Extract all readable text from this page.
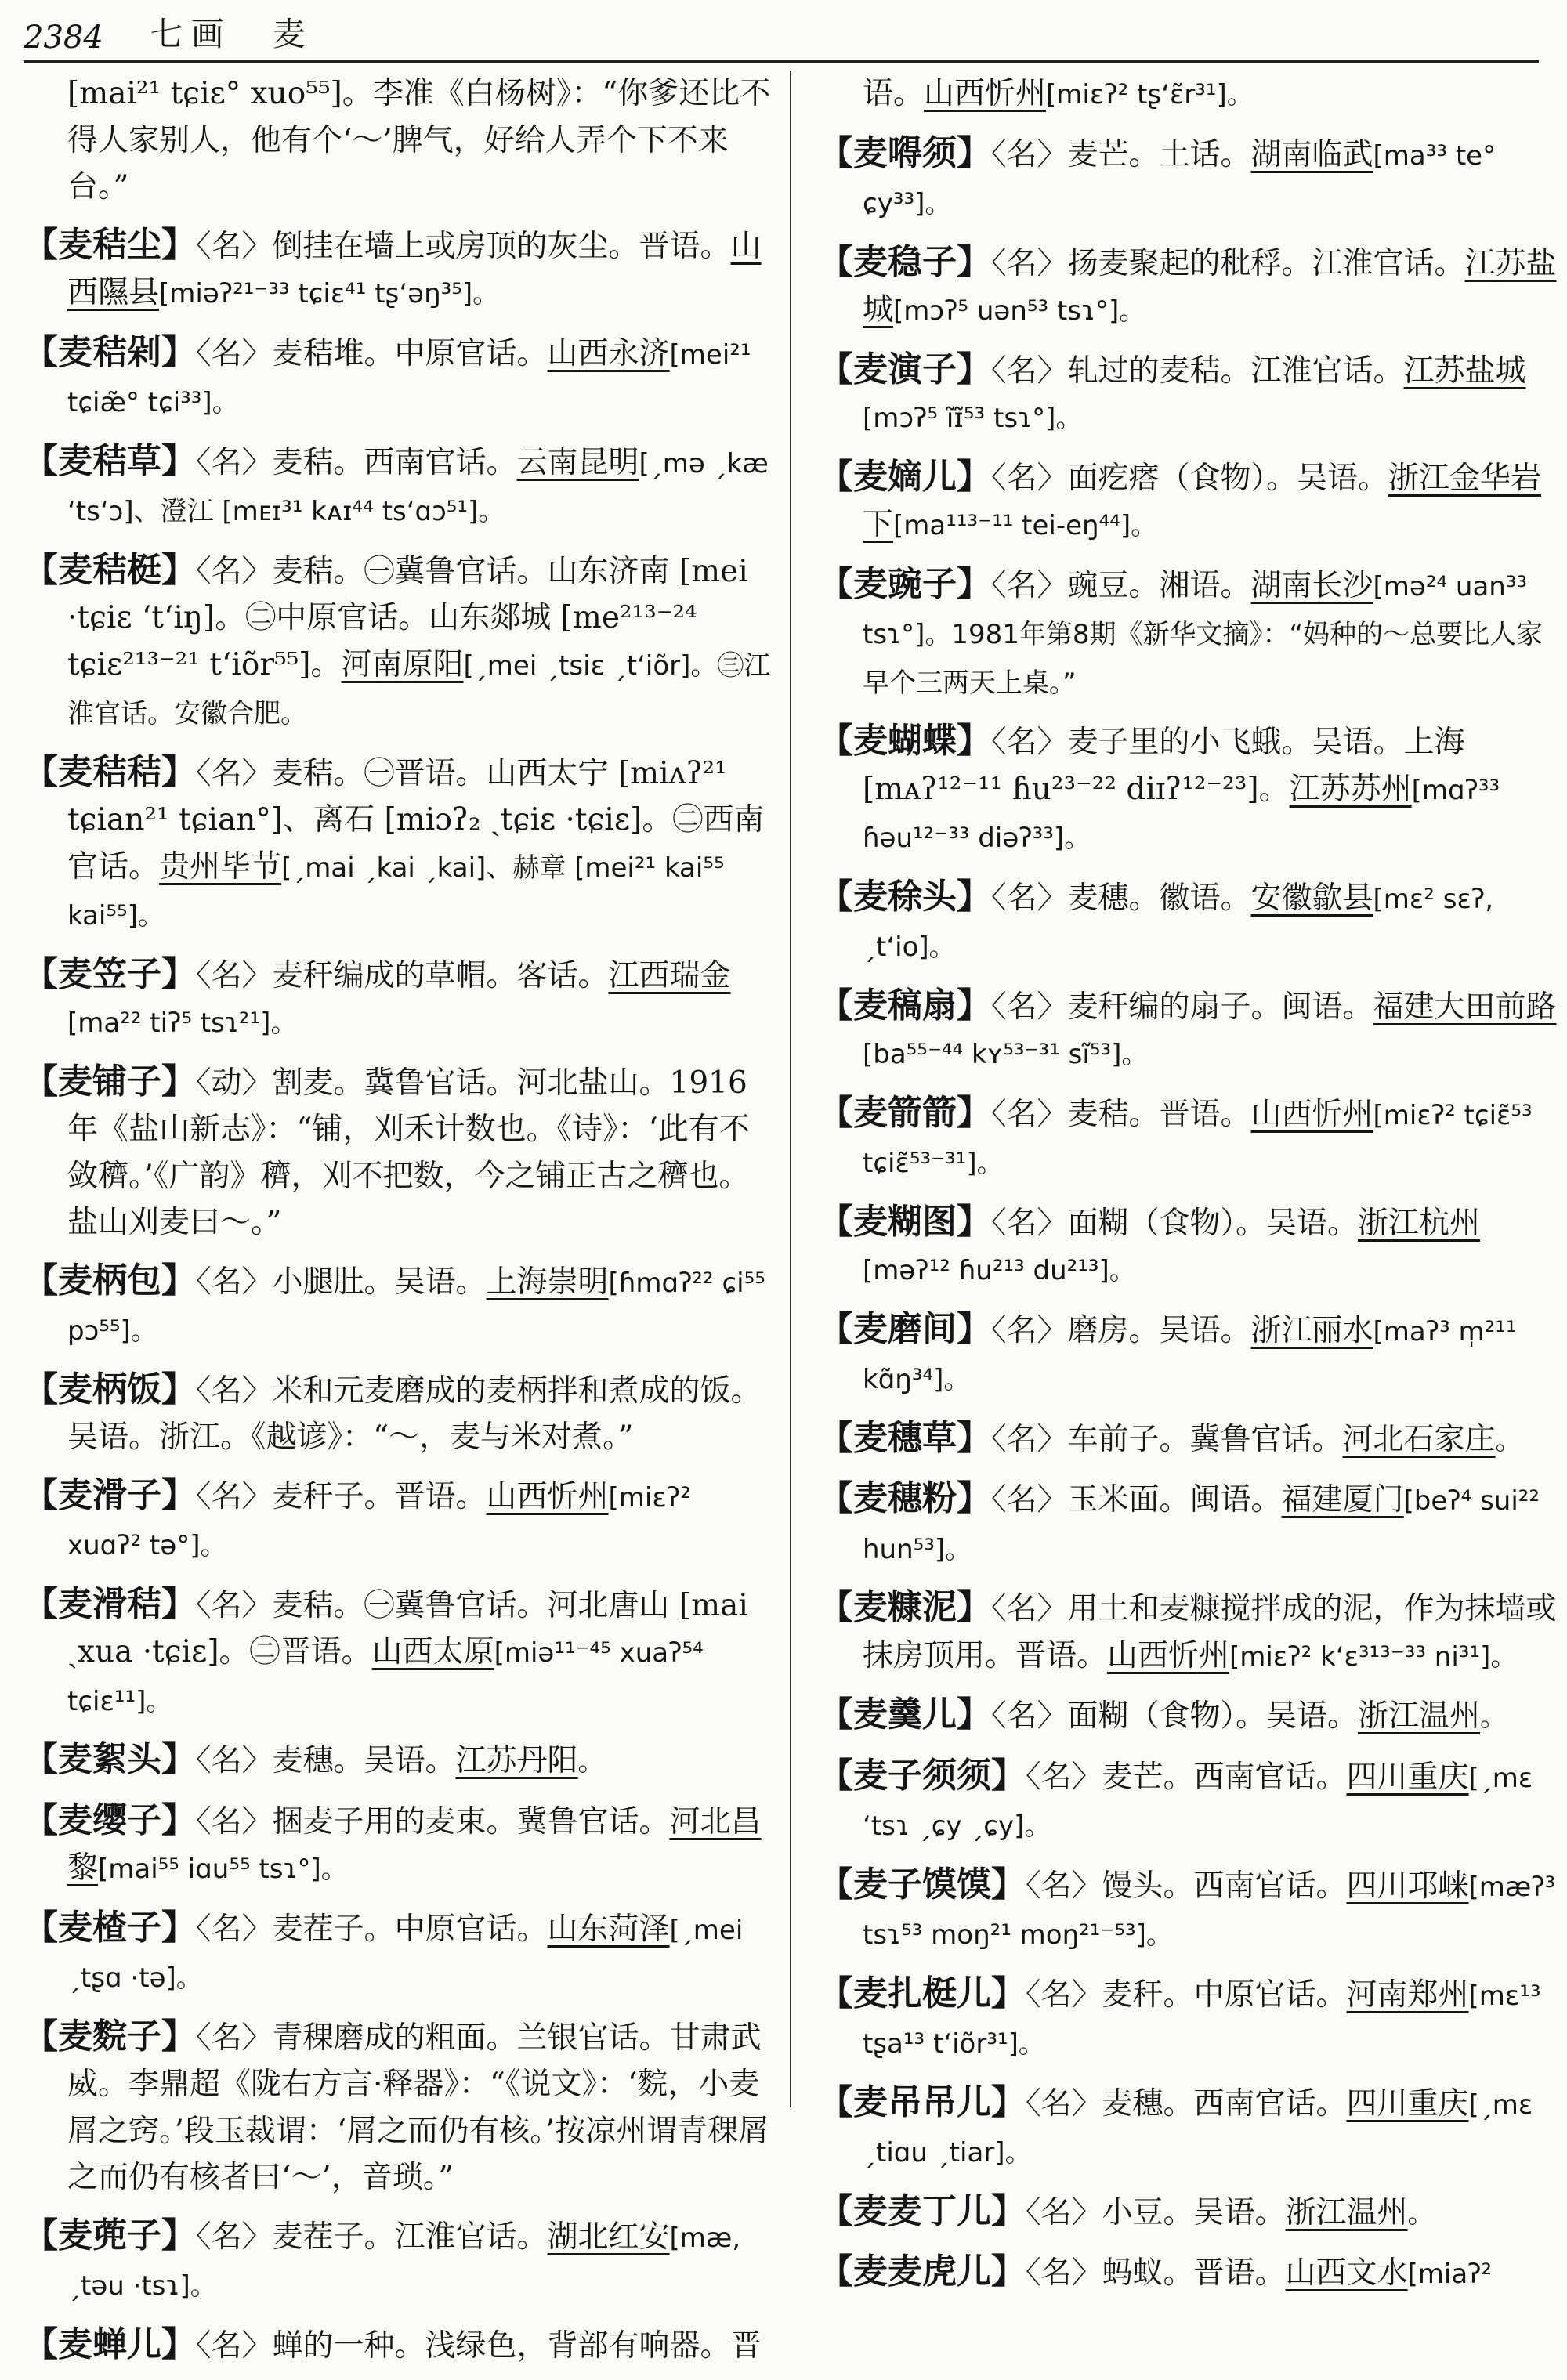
2384 七画　麦
[mai²¹ tɕiɛ° xuo⁵⁵]。李准《白杨树》：“你爹还比不得人家别人，他有个‘～’脾气，好给人弄个下不来台。”
【麦秸尘】〈名〉倒挂在墙上或房顶的灰尘。晋语。山西隰县[miəʔ²¹⁻³³ tɕiɛ⁴¹ tʂ‘əŋ³⁵]。
【麦秸剁】〈名〉麦秸堆。中原官话。山西永济[mei²¹ tɕiæ̃° tɕi³³]。
【麦秸草】〈名〉麦秸。西南官话。云南昆明[ˏmə ˏkæ ‘ts‘ɔ]、澄江 [mᴇɪ³¹ kᴀɪ⁴⁴ ts‘ɑɔ⁵¹]。
【麦秸梃】〈名〉麦秸。㊀冀鲁官话。山东济南 [mei ·tɕiɛ ‘t‘iŋ]。㊁中原官话。山东郯城 [me²¹³⁻²⁴ tɕiɛ²¹³⁻²¹ t‘iõr⁵⁵]。河南原阳[ˏmei ˏtsiɛ ˏt‘iõr]。㊂江淮官话。安徽合肥。
【麦秸秸】〈名〉麦秸。㊀晋语。山西太宁 [miʌʔ²¹ tɕian²¹ tɕian°]、离石 [miɔʔ₂ ˏtɕiɛ ·tɕiɛ]。㊁西南官话。贵州毕节[ˏmai ˏkai ˏkai]、赫章 [mei²¹ kai⁵⁵ kai⁵⁵]。
【麦笠子】〈名〉麦秆编成的草帽。客话。江西瑞金[ma²² tiʔ⁵ tsɿ²¹]。
【麦铺子】〈动〉割麦。冀鲁官话。河北盐山。1916年《盐山新志》：“铺，刈禾计数也。《诗》：‘此有不敛穧。’《广韵》穧，刈不把数，今之铺正古之穧也。盐山刈麦曰～。”
【麦柄包】〈名〉小腿肚。吴语。上海崇明[ɦmɑʔ²² ɕi⁵⁵ pɔ⁵⁵]。
【麦柄饭】〈名〉米和元麦磨成的麦柄拌和煮成的饭。吴语。浙江。《越谚》：“～，麦与米对煮。”
【麦滑子】〈名〉麦秆子。晋语。山西忻州[miɛʔ² xuɑʔ² tə°]。
【麦滑秸】〈名〉麦秸。㊀冀鲁官话。河北唐山 [mai ˏxua ·tɕiɛ]。㊁晋语。山西太原[miə¹¹⁻⁴⁵ xuaʔ⁵⁴ tɕiɛ¹¹]。
【麦絮头】〈名〉麦穗。吴语。江苏丹阳。
【麦缨子】〈名〉捆麦子用的麦束。冀鲁官话。河北昌黎[mai⁵⁵ iɑu⁵⁵ tsɿ°]。
【麦楂子】〈名〉麦茬子。中原官话。山东菏泽[ˏmei ˏtʂɑ ·tə]。
【麦䴷子】〈名〉青稞磨成的粗面。兰银官话。甘肃武威。李鼎超《陇右方言·释器》：“《说文》：‘䴷，小麦屑之窍。’段玉裁谓：‘屑之而仍有核。’按凉州谓青稞屑之而仍有核者曰‘～’，音琐。”
【麦蔸子】〈名〉麦茬子。江淮官话。湖北红安[mæ, ˏtəu ·tsɿ]。
【麦蝉儿】〈名〉蝉的一种。浅绿色，背部有响器。晋
语。山西忻州[miɛʔ² tʂ‘ɛ̃r³¹]。
【麦嘚须】〈名〉麦芒。土话。湖南临武[ma³³ te° ɕy³³]。
【麦稳子】〈名〉扬麦聚起的秕稃。江淮官话。江苏盐城[mɔʔ⁵ uən⁵³ tsɿ°]。
【麦演子】〈名〉轧过的麦秸。江淮官话。江苏盐城[mɔʔ⁵ ĩɪ̃⁵³ tsɿ°]。
【麦嫡儿】〈名〉面疙瘩（食物）。吴语。浙江金华岩下[ma¹¹³⁻¹¹ tei-eŋ⁴⁴]。
【麦豌子】〈名〉豌豆。湘语。湖南长沙[mə²⁴ uan³³ tsɿ°]。1981年第8期《新华文摘》：“妈种的～总要比人家早个三两天上桌。”
【麦蝴蝶】〈名〉麦子里的小飞蛾。吴语。上海 [mᴀʔ¹²⁻¹¹ ɦu²³⁻²² diɪʔ¹²⁻²³]。江苏苏州[mɑʔ³³ ɦəu¹²⁻³³ diəʔ³³]。
【麦稌头】〈名〉麦穗。徽语。安徽歙县[mɛ² sɛʔ, ˏt‘io]。
【麦稿扇】〈名〉麦秆编的扇子。闽语。福建大田前路[ba⁵⁵⁻⁴⁴ kʏ⁵³⁻³¹ sĩ⁵³]。
【麦箭箭】〈名〉麦秸。晋语。山西忻州[miɛʔ² tɕiɛ̃⁵³ tɕiɛ̃⁵³⁻³¹]。
【麦糊图】〈名〉面糊（食物）。吴语。浙江杭州[məʔ¹² ɦu²¹³ du²¹³]。
【麦磨间】〈名〉磨房。吴语。浙江丽水[maʔ³ m̩²¹¹ kɑ̃ŋ³⁴]。
【麦穗草】〈名〉车前子。冀鲁官话。河北石家庄。
【麦穗粉】〈名〉玉米面。闽语。福建厦门[beʔ⁴ sui²² hun⁵³]。
【麦糠泥】〈名〉用土和麦糠搅拌成的泥，作为抹墙或抹房顶用。晋语。山西忻州[miɛʔ² k‘ɛ³¹³⁻³³ ni³¹]。
【麦羹儿】〈名〉面糊（食物）。吴语。浙江温州。
【麦子须须】〈名〉麦芒。西南官话。四川重庆[ˏmɛ ‘tsɿ ˏɕy ˏɕy]。
【麦子馍馍】〈名〉馒头。西南官话。四川邛崃[mæʔ³ tsɿ⁵³ moŋ²¹ moŋ²¹⁻⁵³]。
【麦扎梃儿】〈名〉麦秆。中原官话。河南郑州[mɛ¹³ tʂa¹³ t‘iõr³¹]。
【麦吊吊儿】〈名〉麦穗。西南官话。四川重庆[ˏmɛ ˏtiɑu ˏtiar]。
【麦麦丁儿】〈名〉小豆。吴语。浙江温州。
【麦麦虎儿】〈名〉蚂蚁。晋语。山西文水[miaʔ²
